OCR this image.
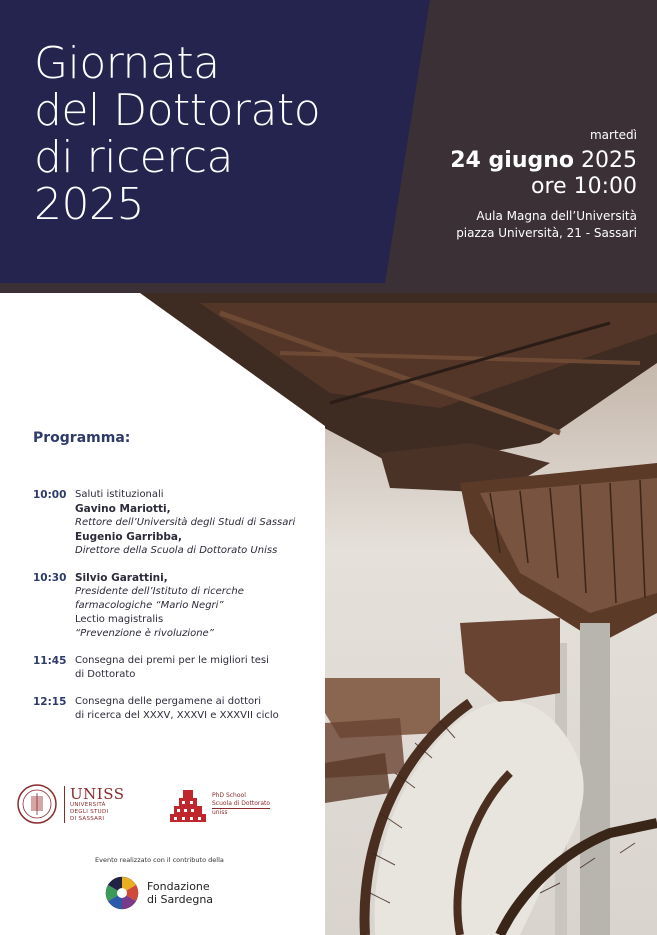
Giornata
del Dottorato
di ricerca
2025
martedì
24 giugno 2025
ore 10:00
Aula Magna dell’Università
piazza Università, 21 - Sassari
Programma:
10:00 Saluti istituzionali
Gavino Mariotti,
Rettore dell’Università degli Studi di Sassari
Eugenio Garribba,
Direttore della Scuola di Dottorato Uniss
10:30 Silvio Garattini,
Presidente dell’Istituto di ricerche
farmacologiche “Mario Negri”
Lectio magistralis
“Prevenzione è rivoluzione”
11:45 Consegna dei premi per le migliori tesi
di Dottorato
12:15 Consegna delle pergamene ai dottori
di ricerca del XXXV, XXXVI e XXXVII ciclo
UNISS
UNIVERSITÀ
DEGLI STUDI
DI SASSARI
PhD School
Scuola di Dottorato
uniss
Evento realizzato con il contributo della
Fondazione
di Sardegna
